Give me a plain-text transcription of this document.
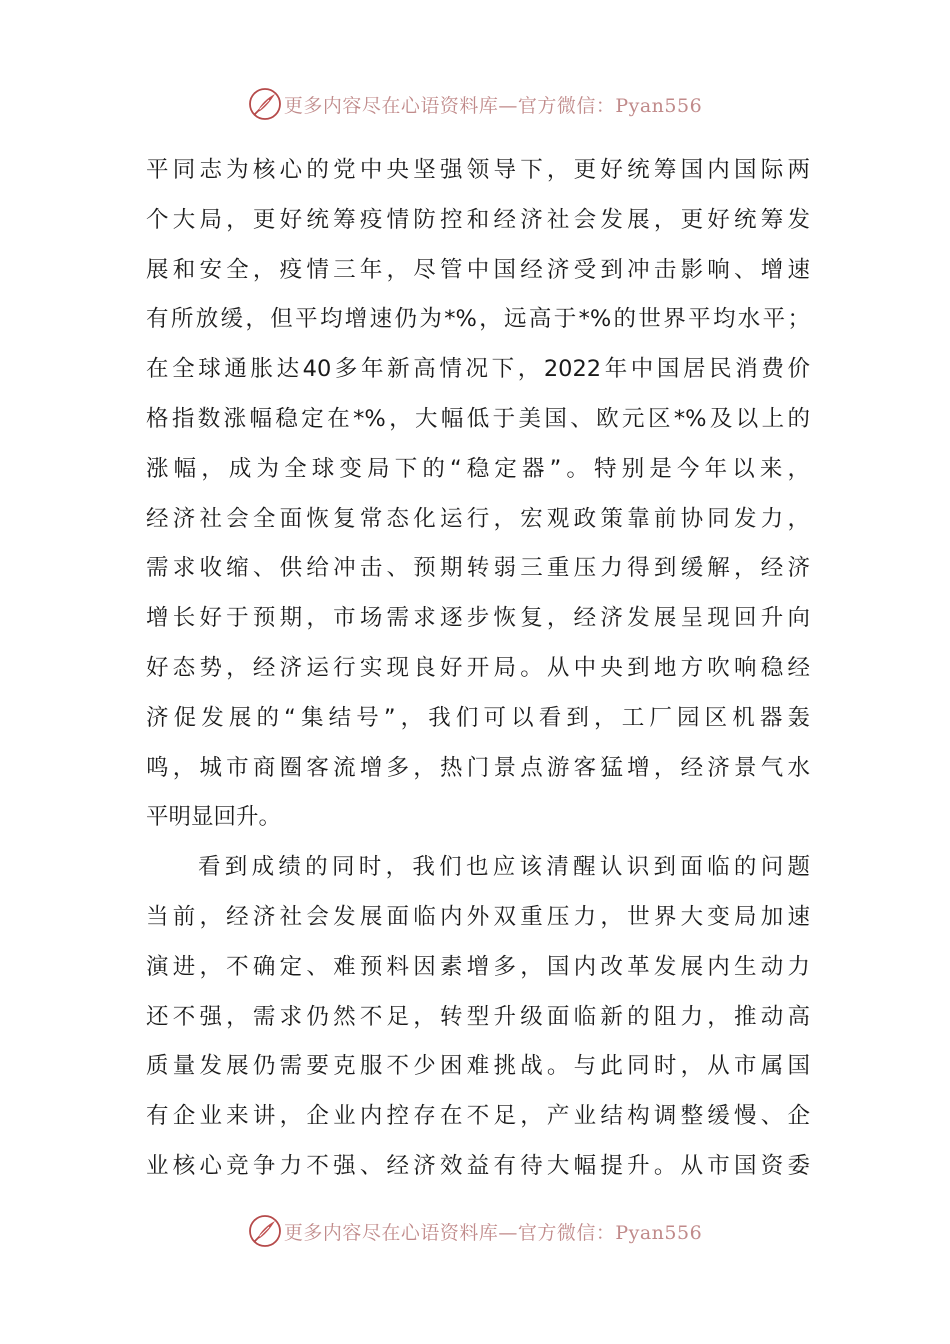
更多内容尽在心语资料库—官方微信：Pyan556
平同志为核心的党中央坚强领导下，更好统筹国内国际两
个大局，更好统筹疫情防控和经济社会发展，更好统筹发
展和安全，疫情三年，尽管中国经济受到冲击影响、增速
有所放缓，但平均增速仍为*%，远高于*%的世界平均水平；
在全球通胀达40多年新高情况下，2022年中国居民消费价
格指数涨幅稳定在*%，大幅低于美国、欧元区*%及以上的
涨幅，成为全球变局下的“稳定器”。特别是今年以来，
经济社会全面恢复常态化运行，宏观政策靠前协同发力，
需求收缩、供给冲击、预期转弱三重压力得到缓解，经济
增长好于预期，市场需求逐步恢复，经济发展呈现回升向
好态势，经济运行实现良好开局。从中央到地方吹响稳经
济促发展的“集结号”，我们可以看到，工厂园区机器轰
鸣，城市商圈客流增多，热门景点游客猛增，经济景气水
平明显回升。
看到成绩的同时，我们也应该清醒认识到面临的问题
当前，经济社会发展面临内外双重压力，世界大变局加速
演进，不确定、难预料因素增多，国内改革发展内生动力
还不强，需求仍然不足，转型升级面临新的阻力，推动高
质量发展仍需要克服不少困难挑战。与此同时，从市属国
有企业来讲，企业内控存在不足，产业结构调整缓慢、企
业核心竞争力不强、经济效益有待大幅提升。从市国资委
更多内容尽在心语资料库—官方微信：Pyan556
